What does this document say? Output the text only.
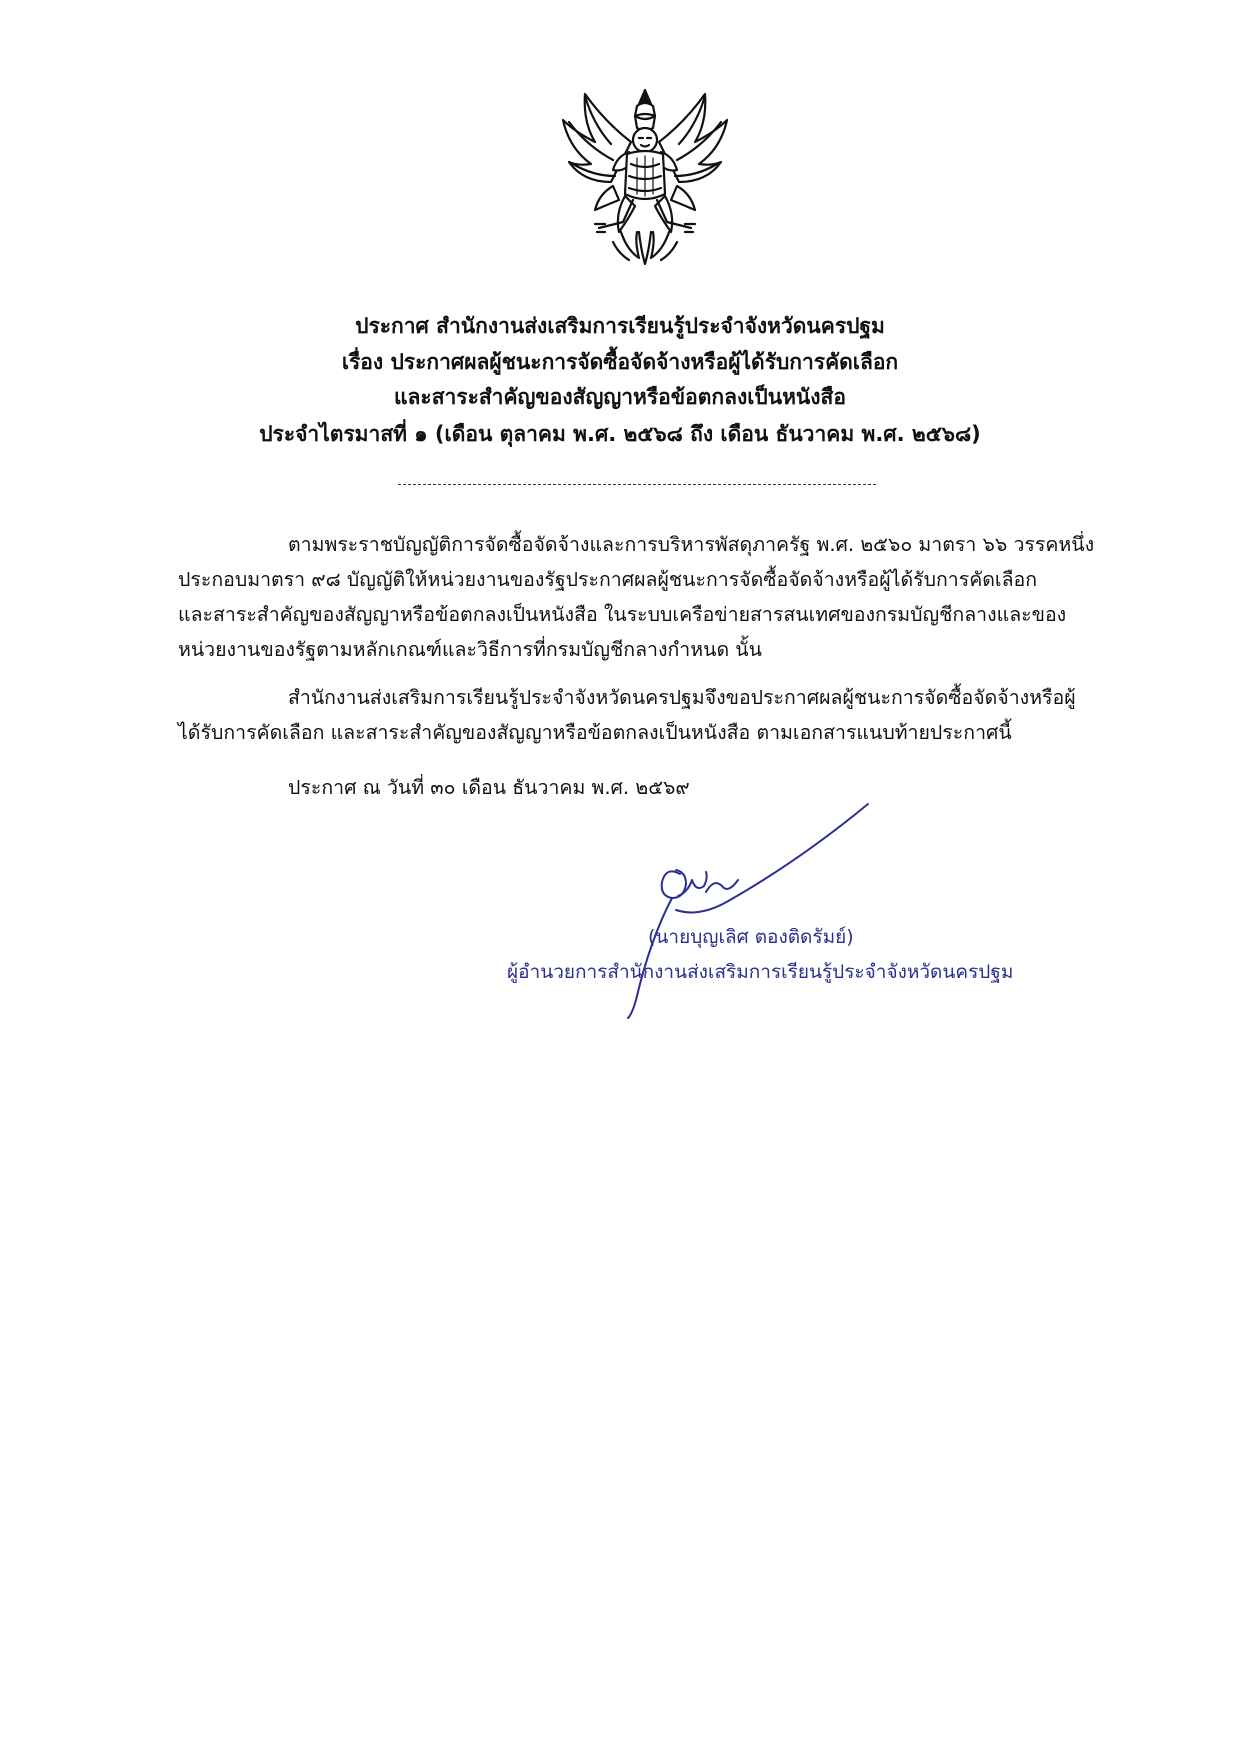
ประกาศ สำนักงานส่งเสริมการเรียนรู้ประจำจังหวัดนครปฐม
เรื่อง ประกาศผลผู้ชนะการจัดซื้อจัดจ้างหรือผู้ได้รับการคัดเลือก
และสาระสำคัญของสัญญาหรือข้อตกลงเป็นหนังสือ
ประจำไตรมาสที่ ๑ (เดือน ตุลาคม พ.ศ. ๒๕๖๘ ถึง เดือน ธันวาคม พ.ศ. ๒๕๖๘)
ตามพระราชบัญญัติการจัดซื้อจัดจ้างและการบริหารพัสดุภาครัฐ พ.ศ. ๒๕๖๐ มาตรา ๖๖ วรรคหนึ่ง
ประกอบมาตรา ๙๘ บัญญัติให้หน่วยงานของรัฐประกาศผลผู้ชนะการจัดซื้อจัดจ้างหรือผู้ได้รับการคัดเลือก
และสาระสำคัญของสัญญาหรือข้อตกลงเป็นหนังสือ ในระบบเครือข่ายสารสนเทศของกรมบัญชีกลางและของ
หน่วยงานของรัฐตามหลักเกณฑ์และวิธีการที่กรมบัญชีกลางกำหนด นั้น
สำนักงานส่งเสริมการเรียนรู้ประจำจังหวัดนครปฐมจึงขอประกาศผลผู้ชนะการจัดซื้อจัดจ้างหรือผู้
ได้รับการคัดเลือก และสาระสำคัญของสัญญาหรือข้อตกลงเป็นหนังสือ ตามเอกสารแนบท้ายประกาศนี้
ประกาศ ณ วันที่ ๓๐ เดือน ธันวาคม พ.ศ. ๒๕๖๙
(นายบุญเลิศ ตองติดรัมย์)
ผู้อำนวยการสำนักงานส่งเสริมการเรียนรู้ประจำจังหวัดนครปฐม
